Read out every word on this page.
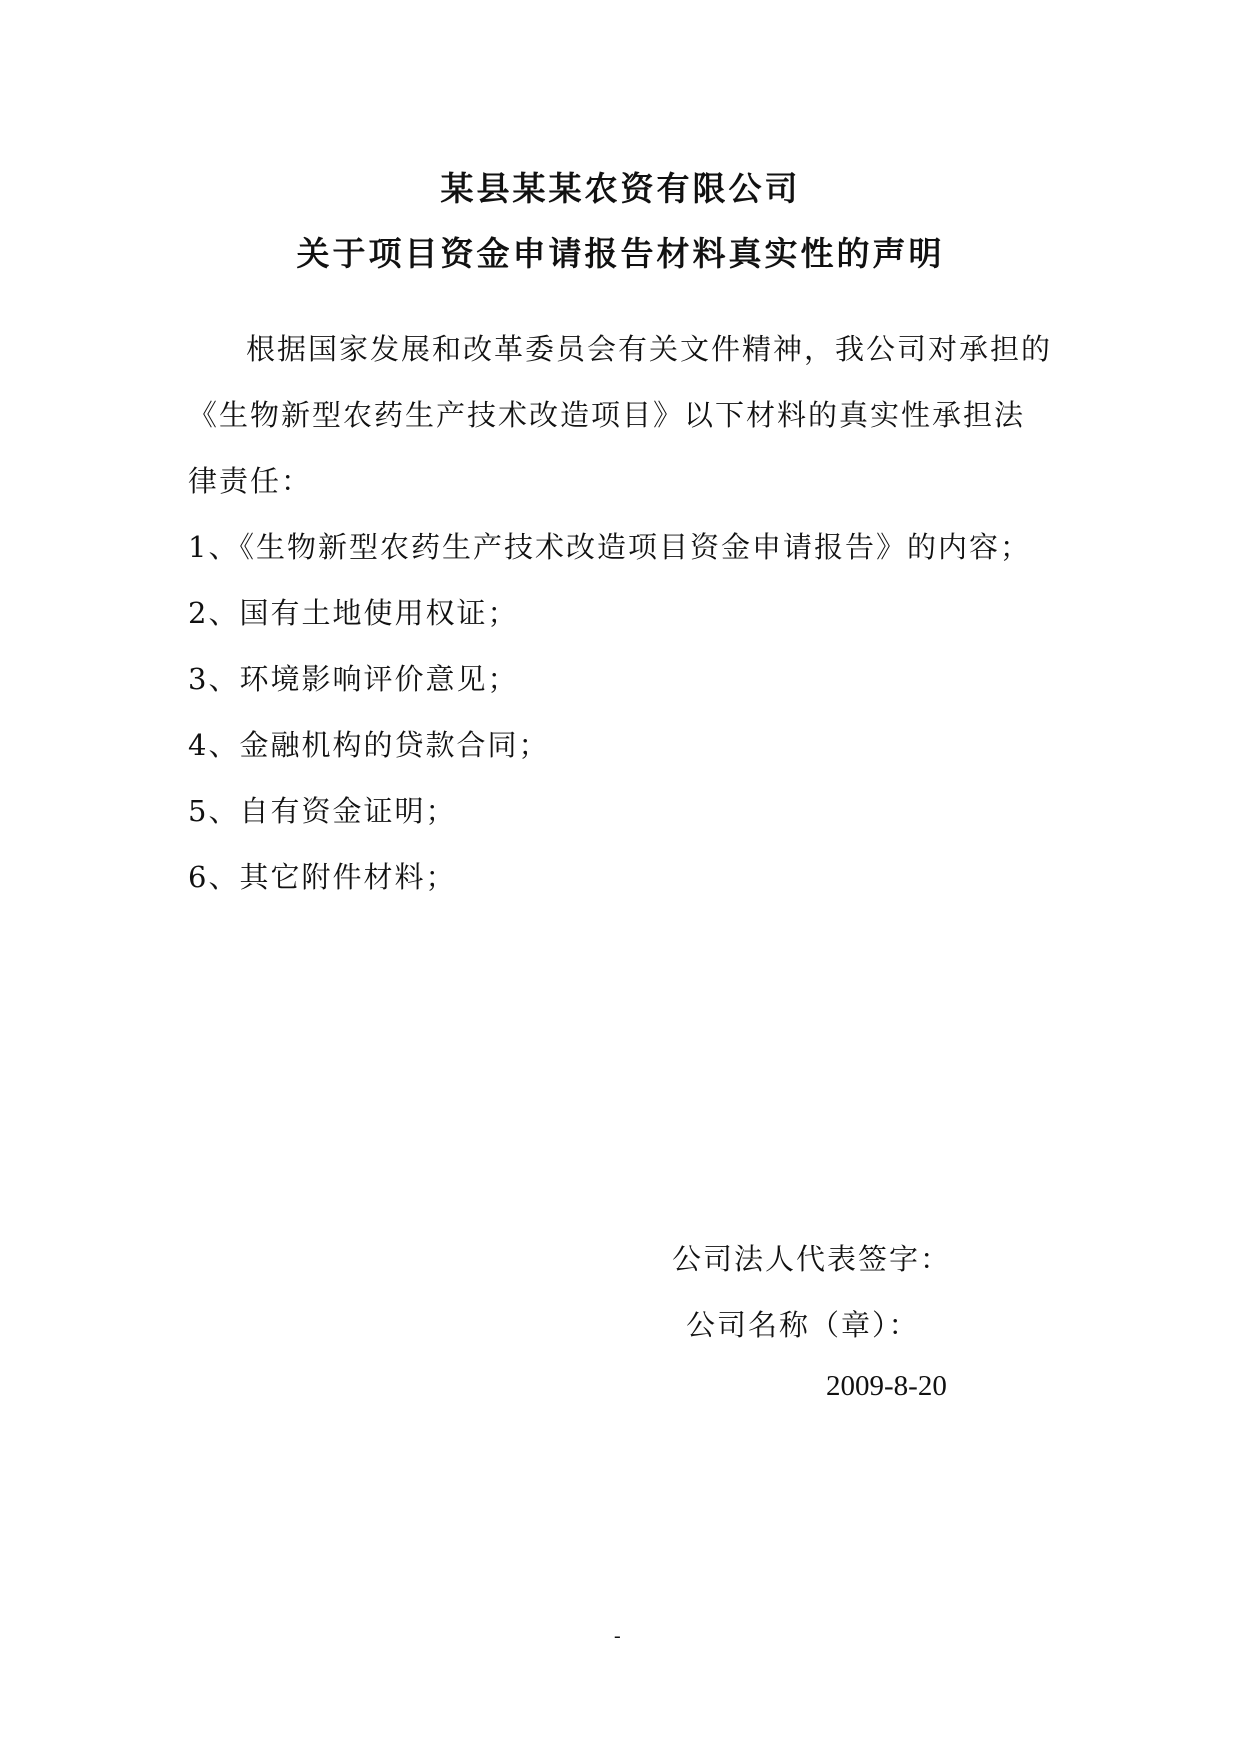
某县某某农资有限公司
关于项目资金申请报告材料真实性的声明
根据国家发展和改革委员会有关文件精神，我公司对承担的
《生物新型农药生产技术改造项目》以下材料的真实性承担法
律责任：
1、《生物新型农药生产技术改造项目资金申请报告》的内容；
2、国有土地使用权证；
3、环境影响评价意见；
4、金融机构的贷款合同；
5、自有资金证明；
6、其它附件材料；
公司法人代表签字：
公司名称（章）：
2009-8-20
-
